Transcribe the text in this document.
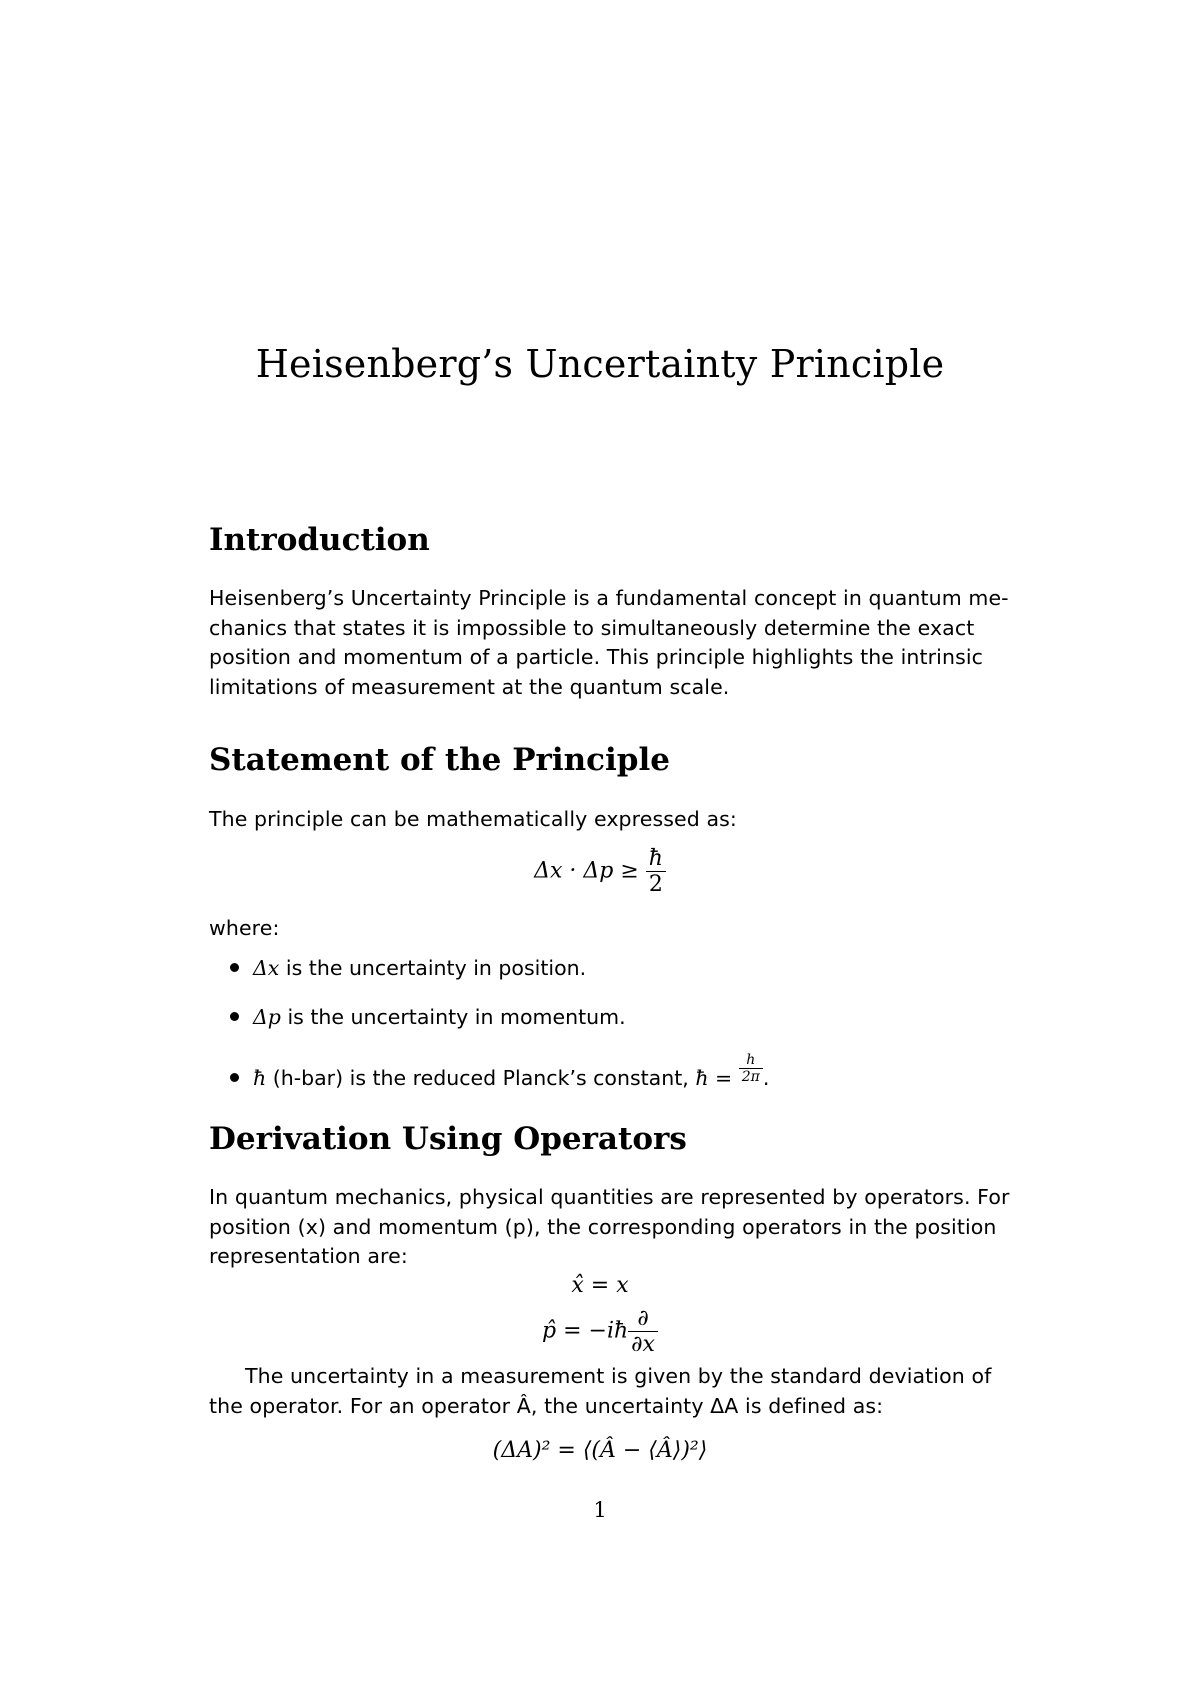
Heisenberg’s Uncertainty Principle
Introduction
Heisenberg’s Uncertainty Principle is a fundamental concept in quantum me-
chanics that states it is impossible to simultaneously determine the exact
position and momentum of a particle. This principle highlights the intrinsic
limitations of measurement at the quantum scale.
Statement of the Principle
The principle can be mathematically expressed as:
$\Delta x \cdot \Delta p \ge \frac{ħ}{2}$
where:
Δx is the uncertainty in position.
Δp is the uncertainty in momentum.
ħ (h-bar) is the reduced Planck’s constant, ħ = $\frac{h}{2\pi}$ .
Derivation Using Operators
In quantum mechanics, physical quantities are represented by operators. For
position (x) and momentum (p), the corresponding operators in the position
representation are:
x̂ = x
p̂ = −iħ $\frac{\partial}{\partial x}$
The uncertainty in a measurement is given by the standard deviation of
the operator. For an operator Â, the uncertainty ΔA is defined as:
(ΔA)² = ⟨(Â − ⟨Â⟩)²⟩
1
